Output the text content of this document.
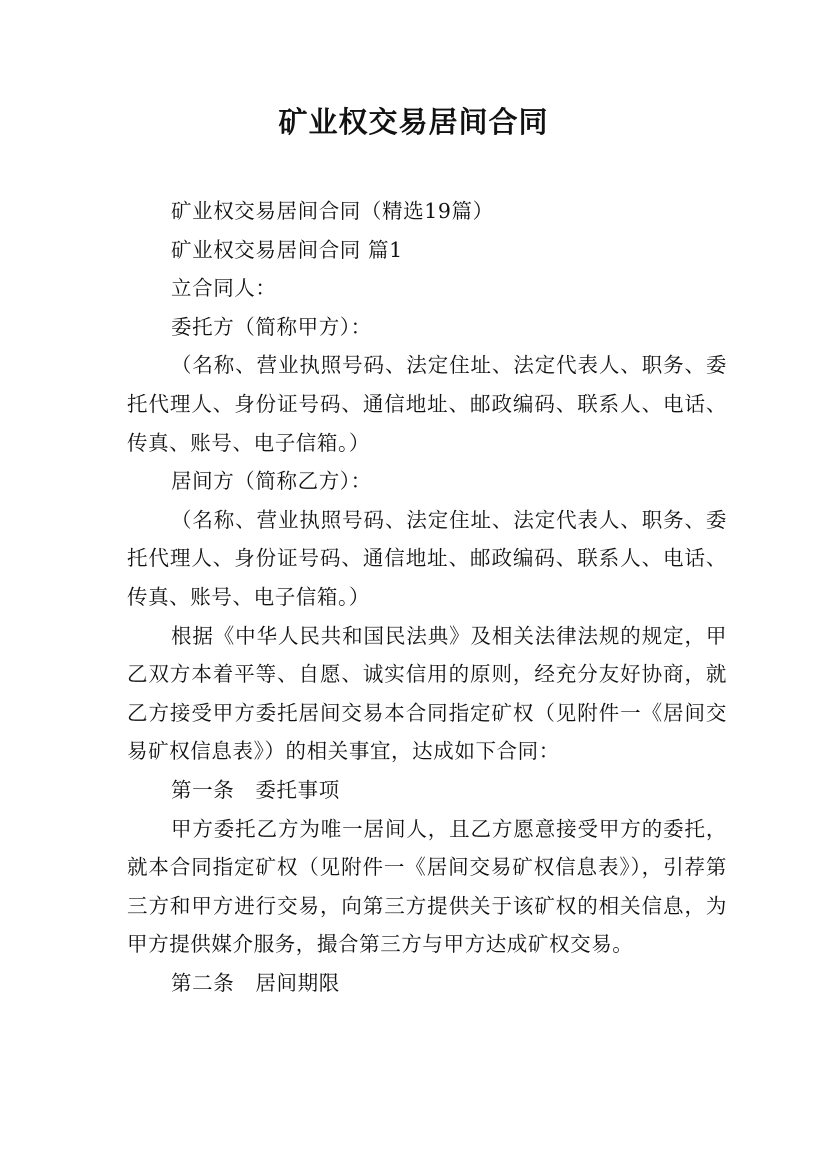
矿业权交易居间合同

矿业权交易居间合同（精选19篇）

矿业权交易居间合同 篇1

立合同人：

委托方（简称甲方）：

（名称、营业执照号码、法定住址、法定代表人、职务、委托代理人、身份证号码、通信地址、邮政编码、联系人、电话、传真、账号、电子信箱。）

居间方（简称乙方）：

（名称、营业执照号码、法定住址、法定代表人、职务、委托代理人、身份证号码、通信地址、邮政编码、联系人、电话、传真、账号、电子信箱。）

根据《中华人民共和国民法典》及相关法律法规的规定，甲乙双方本着平等、自愿、诚实信用的原则，经充分友好协商，就乙方接受甲方委托居间交易本合同指定矿权（见附件一《居间交易矿权信息表》）的相关事宜，达成如下合同：

第一条　委托事项

甲方委托乙方为唯一居间人，且乙方愿意接受甲方的委托，就本合同指定矿权（见附件一《居间交易矿权信息表》），引荐第三方和甲方进行交易，向第三方提供关于该矿权的相关信息，为甲方提供媒介服务，撮合第三方与甲方达成矿权交易。

第二条　居间期限
